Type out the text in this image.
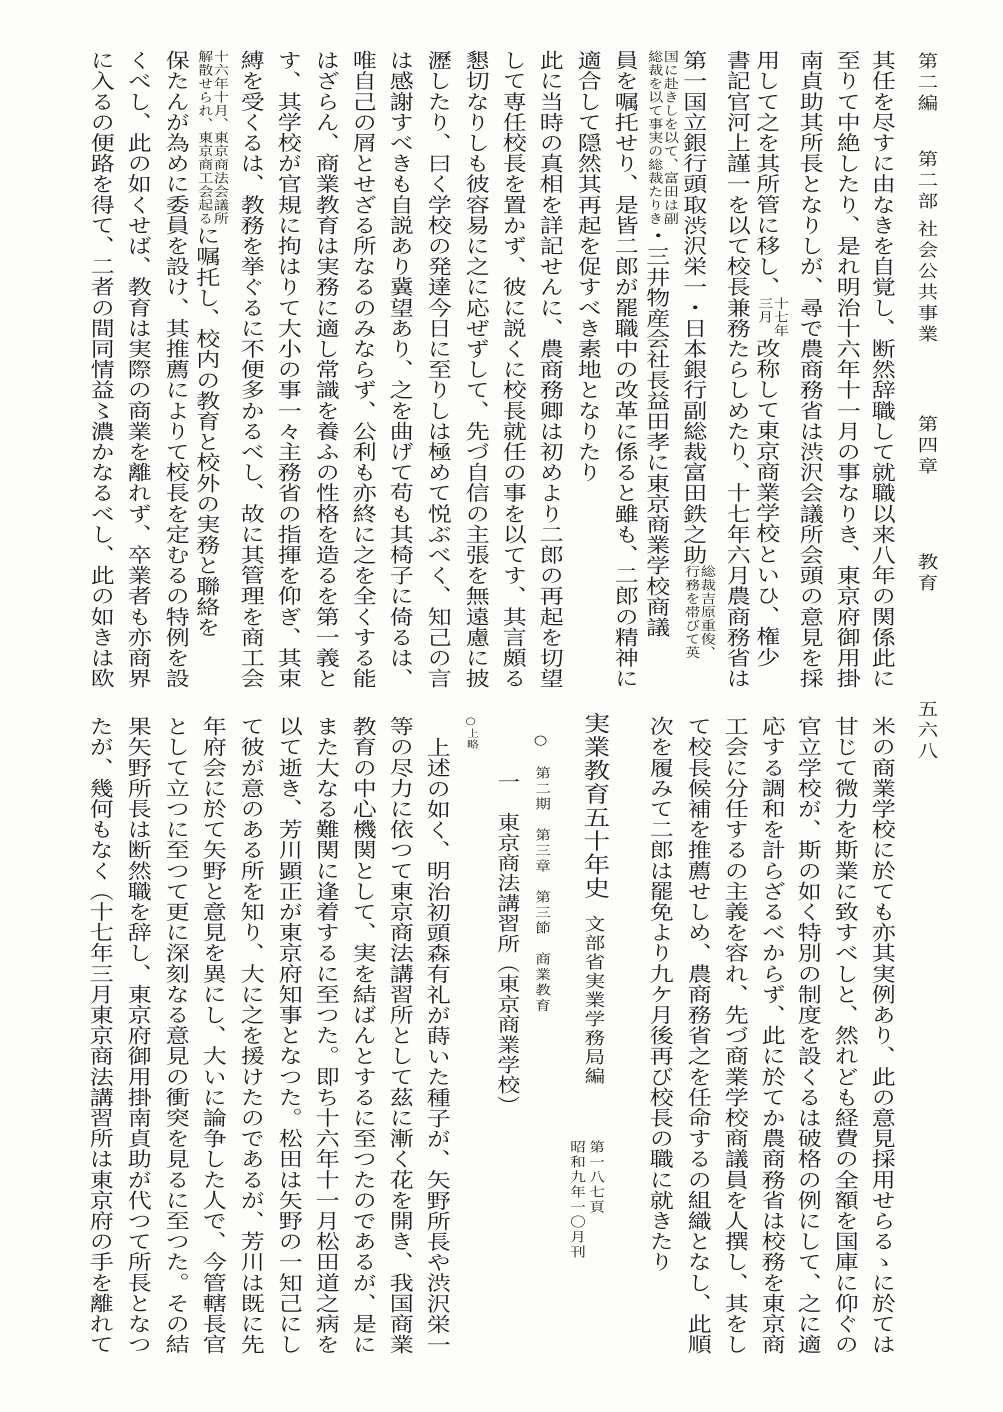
第二編
第二部
社会公共事業
第四章
教育
五六八
其任を尽すに由なきを自覚し、断然辞職して就職以来八年の関係此に
至りて中絶したり、是れ明治十六年十一月の事なりき、東京府御用掛
南貞助其所長となりしが、尋で農商務省は渋沢会議所会頭の意見を採
用して之を其所管に移し、
十七年
三月
改称して東京商業学校といひ、権少
書記官河上謹一を以て校長兼務たらしめたり、十七年六月農商務省は
第一国立銀行頭取渋沢栄一・日本銀行副総裁富田鉄之助
総裁吉原重俊、
行務を帯びて英
国に赴きしを以て、富田は副
総裁を以て事実の総裁たりき
・三井物産会社長益田孝に東京商業学校商議
員を嘱托せり、是皆二郎が罷職中の改革に係ると雖も、二郎の精神に
適合して隠然其再起を促すべき素地となりたり
此に当時の真相を詳記せんに、農商務卿は初めより二郎の再起を切望
して専任校長を置かず、彼に説くに校長就任の事を以てす、其言頗る
懇切なりしも彼容易に之に応ぜずして、先づ自信の主張を無遠慮に披
瀝したり、曰く学校の発達今日に至りしは極めて悦ぶべく、知己の言
は感謝すべきも自説あり冀望あり、之を曲げて苟も其椅子に倚るは、
唯自己の屑とせざる所なるのみならず、公利も亦終に之を全くする能
はざらん、商業教育は実務に適し常識を養ふの性格を造るを第一義と
す、其学校が官規に拘はりて大小の事一々主務省の指揮を仰ぎ、其束
縛を受くるは、教務を挙ぐるに不便多かるべし、故に其管理を商工会
十六年十月、東京商法会議所
解散せられ、東京商工会起る
に嘱托し、校内の教育と校外の実務と聯絡を
保たんが為めに委員を設け、其推薦によりて校長を定むるの特例を設
くべし、此の如くせば、教育は実際の商業を離れず、卒業者も亦商界
に入るの便路を得て、二者の間同情益〻濃かなるべし、此の如きは欧
米の商業学校に於ても亦其実例あり、此の意見採用せらるゝに於ては
甘じて微力を斯業に致すべしと、然れども経費の全額を国庫に仰ぐの
官立学校が、斯の如く特別の制度を設くるは破格の例にして、之に適
応する調和を計らざるべからず、此に於てか農商務省は校務を東京商
工会に分任するの主義を容れ、先づ商業学校商議員を人撰し、其をし
て校長候補を推薦せしめ、農商務省之を任命するの組織となし、此順
次を履みて二郎は罷免より九ケ月後再び校長の職に就きたり
実業教育五十年史
文部省実業学務局編
第一八七頁
昭和九年一〇月刊
○　第二期　第三章　第三節　商業教育
一　東京商法講習所（東京商業学校）
○上略
上述の如く、明治初頭森有礼が蒔いた種子が、矢野所長や渋沢栄一
等の尽力に依つて東京商法講習所として茲に漸く花を開き、我国商業
教育の中心機関として、実を結ばんとするに至つたのであるが、是に
また大なる難関に逢着するに至つた。即ち十六年十一月松田道之病を
以て逝き、芳川顕正が東京府知事となつた。松田は矢野の一知己にし
て彼が意のある所を知り、大に之を援けたのであるが、芳川は既に先
年府会に於て矢野と意見を異にし、大いに論争した人で、今管轄長官
として立つに至つて更に深刻なる意見の衝突を見るに至つた。その結
果矢野所長は断然職を辞し、東京府御用掛南貞助が代つて所長となつ
たが、幾何もなく（十七年三月東京商法講習所は東京府の手を離れて
